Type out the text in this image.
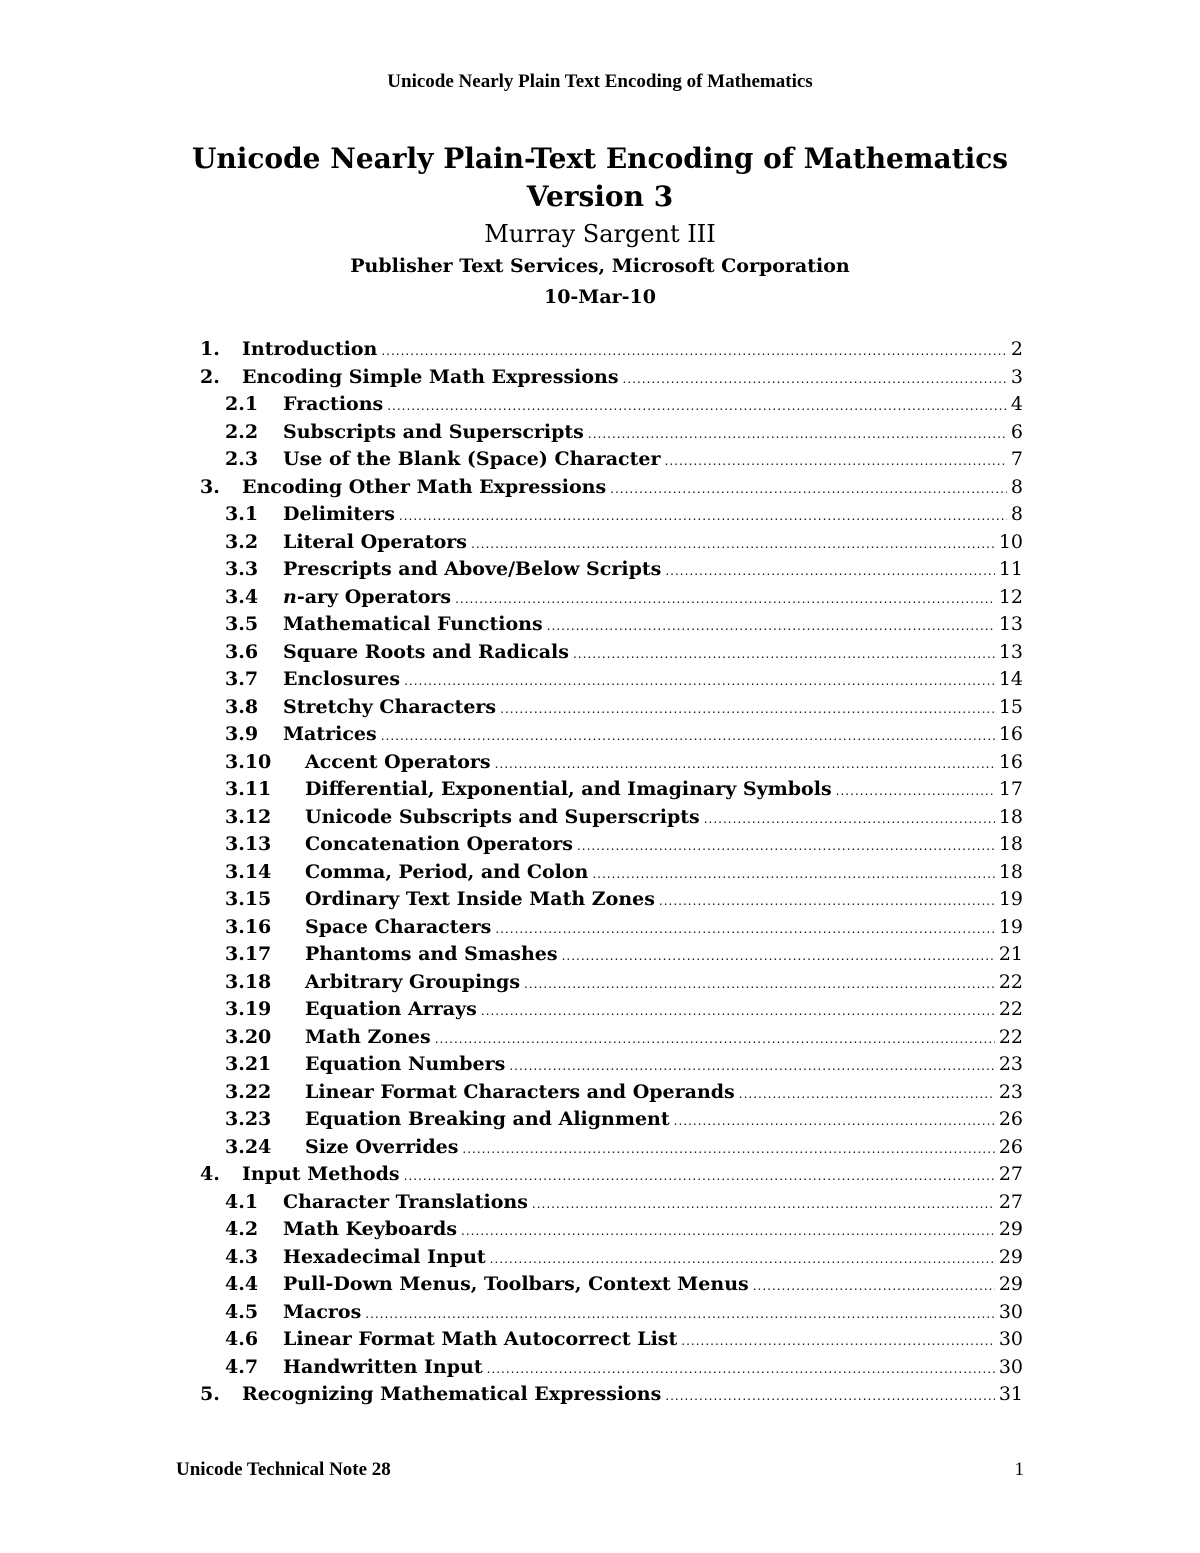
Unicode Nearly Plain Text Encoding of Mathematics
Unicode Nearly Plain-Text Encoding of Mathematics
Version 3
Murray Sargent III
Publisher Text Services, Microsoft Corporation
10-Mar-10
1.	Introduction .....	2
2.	Encoding Simple Math Expressions .....	3
2.1	Fractions .....	4
2.2	Subscripts and Superscripts .....	6
2.3	Use of the Blank (Space) Character .....	7
3.	Encoding Other Math Expressions .....	8
3.1	Delimiters .....	8
3.2	Literal Operators .....	10
3.3	Prescripts and Above/Below Scripts .....	11
3.4	n-ary Operators .....	12
3.5	Mathematical Functions .....	13
3.6	Square Roots and Radicals .....	13
3.7	Enclosures .....	14
3.8	Stretchy Characters .....	15
3.9	Matrices .....	16
3.10	Accent Operators .....	16
3.11	Differential, Exponential, and Imaginary Symbols .....	17
3.12	Unicode Subscripts and Superscripts .....	18
3.13	Concatenation Operators .....	18
3.14	Comma, Period, and Colon .....	18
3.15	Ordinary Text Inside Math Zones .....	19
3.16	Space Characters .....	19
3.17	Phantoms and Smashes .....	21
3.18	Arbitrary Groupings .....	22
3.19	Equation Arrays .....	22
3.20	Math Zones .....	22
3.21	Equation Numbers .....	23
3.22	Linear Format Characters and Operands .....	23
3.23	Equation Breaking and Alignment .....	26
3.24	Size Overrides .....	26
4.	Input Methods .....	27
4.1	Character Translations .....	27
4.2	Math Keyboards .....	29
4.3	Hexadecimal Input .....	29
4.4	Pull-Down Menus, Toolbars, Context Menus .....	29
4.5	Macros .....	30
4.6	Linear Format Math Autocorrect List .....	30
4.7	Handwritten Input .....	30
5.	Recognizing Mathematical Expressions .....	31
Unicode Technical Note 28	1
